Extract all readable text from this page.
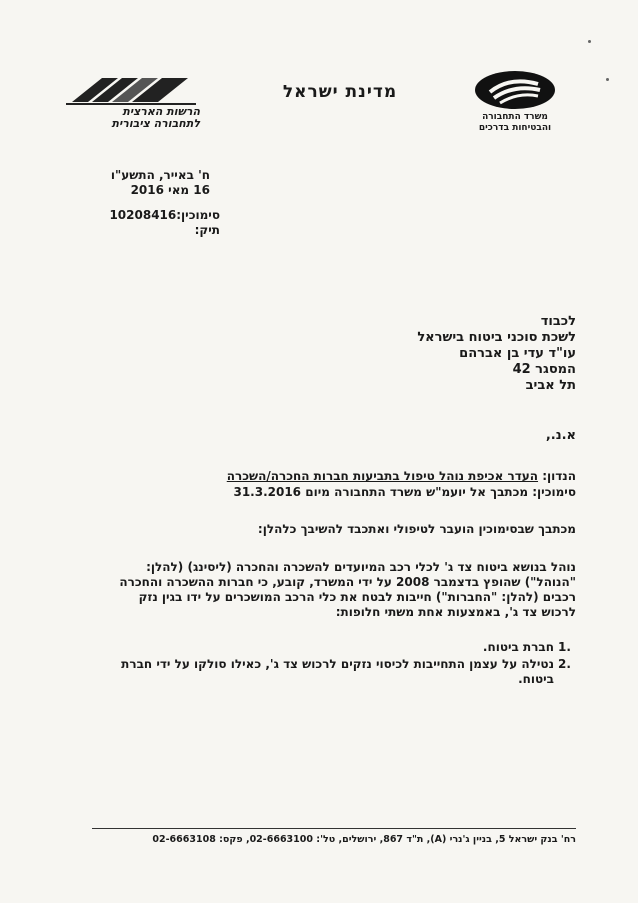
משרד התחבורה
והבטיחות בדרכים
מדינת ישראל
הרשות הארצית
לתחבורה ציבורית
ח' באייר, התשע"ו
16 מאי 2016
סימוכין:10208416
תיק:
לכבוד
לשכת סוכני ביטוח בישראל
עו"ד עדי בן אברהם
המסגר 42
תל אביב
א.נ.,
הנדון: העדר אכיפת נוהל טיפול בתביעות חברות החכרה/השכרה
סימוכין: מכתבך אל יועמ"ש משרד התחבורה מיום 31.3.2016
מכתבך שבסימוכין הועבר לטיפולי ואתכבד להשיבך כלהלן:
נוהל בנושא ביטוח צד ג' לכלי רכב המיועדים להשכרה והחכרה (ליסינג) (להלן:
"הנוהל") שהופץ בדצמבר 2008 על ידי המשרד, קובע, כי חברות ההשכרה והחכרה
רכבים (להלן: "החברות") חייבות לבטח את כלי הרכב המושכרים על ידו בגין נזק
לרכוש צד ג', באמצעות אחת משתי חלופות:
1.
חברת ביטוח.
2.
נטילה על עצמן התחייבות לכיסוי נזקים לרכוש צד ג', כאילו סולקו על ידי חברת
ביטוח.
רח' בנק ישראל 5, בניין ג'נרי (A), ת"ד 867, ירושלים, טל': 02-6663100, פקס: 02-6663108
